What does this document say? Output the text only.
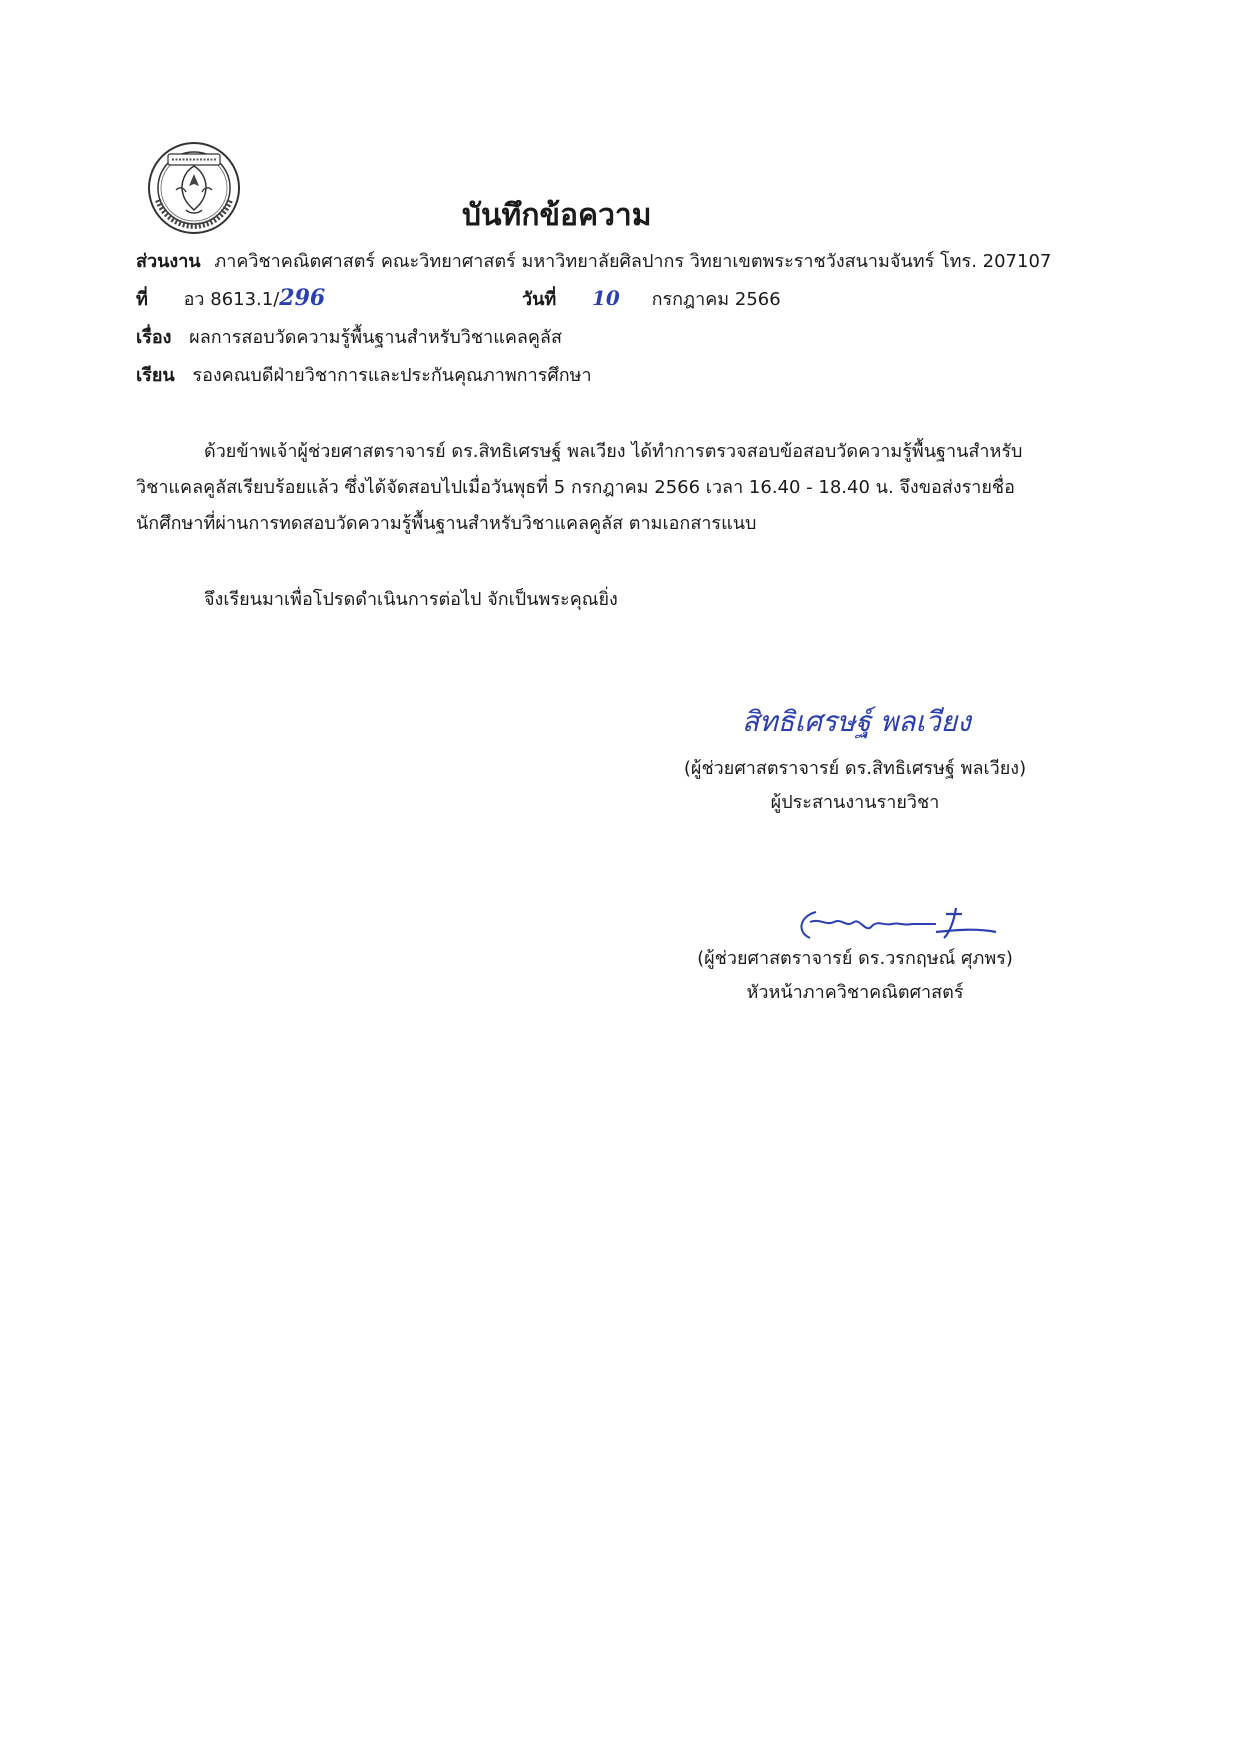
บันทึกข้อความ
ส่วนงาน ภาควิชาคณิตศาสตร์ คณะวิทยาศาสตร์ มหาวิทยาลัยศิลปากร วิทยาเขตพระราชวังสนามจันทร์ โทร. 207107
ที่ อว 8613.1/296	วันที่ 10 กรกฎาคม 2566
เรื่อง ผลการสอบวัดความรู้พื้นฐานสำหรับวิชาแคลคูลัส
เรียน รองคณบดีฝ่ายวิชาการและประกันคุณภาพการศึกษา
ด้วยข้าพเจ้าผู้ช่วยศาสตราจารย์ ดร.สิทธิเศรษฐ์ พลเวียง ได้ทำการตรวจสอบข้อสอบวัดความรู้พื้นฐานสำหรับ
วิชาแคลคูลัสเรียบร้อยแล้ว ซึ่งได้จัดสอบไปเมื่อวันพุธที่ 5 กรกฎาคม 2566 เวลา 16.40 - 18.40 น. จึงขอส่งรายชื่อ
นักศึกษาที่ผ่านการทดสอบวัดความรู้พื้นฐานสำหรับวิชาแคลคูลัส ตามเอกสารแนบ
จึงเรียนมาเพื่อโปรดดำเนินการต่อไป จักเป็นพระคุณยิ่ง
สิทธิเศรษฐ์ พลเวียง
(ผู้ช่วยศาสตราจารย์ ดร.สิทธิเศรษฐ์ พลเวียง)
ผู้ประสานงานรายวิชา
(ผู้ช่วยศาสตราจารย์ ดร.วรกฤษณ์ ศุภพร)
หัวหน้าภาควิชาคณิตศาสตร์
